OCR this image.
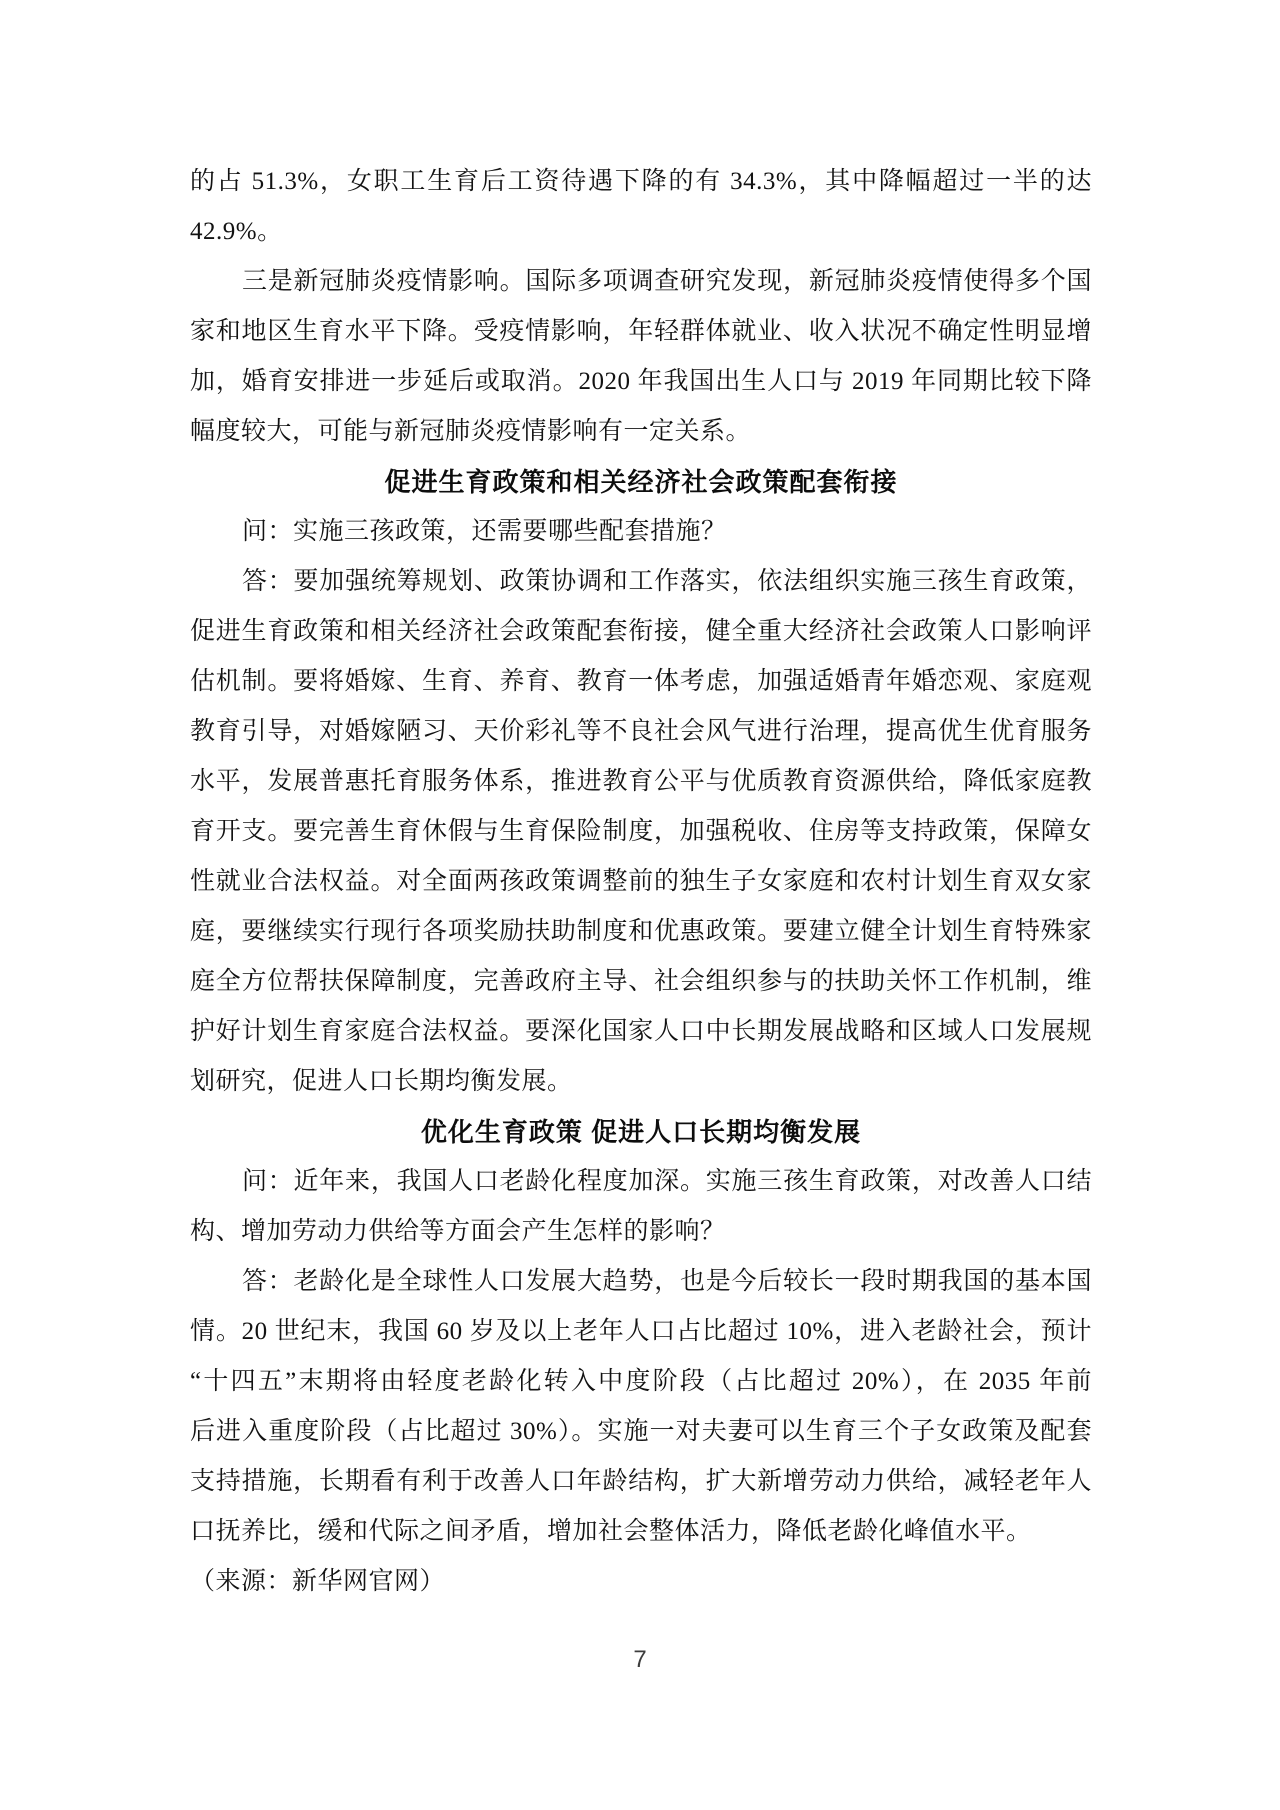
的占 51.3%，女职工生育后工资待遇下降的有 34.3%，其中降幅超过一半的达
42.9%。
三是新冠肺炎疫情影响。国际多项调查研究发现，新冠肺炎疫情使得多个国
家和地区生育水平下降。受疫情影响，年轻群体就业、收入状况不确定性明显增
加，婚育安排进一步延后或取消。2020 年我国出生人口与 2019 年同期比较下降
幅度较大，可能与新冠肺炎疫情影响有一定关系。
促进生育政策和相关经济社会政策配套衔接
问：实施三孩政策，还需要哪些配套措施？
答：要加强统筹规划、政策协调和工作落实，依法组织实施三孩生育政策，
促进生育政策和相关经济社会政策配套衔接，健全重大经济社会政策人口影响评
估机制。要将婚嫁、生育、养育、教育一体考虑，加强适婚青年婚恋观、家庭观
教育引导，对婚嫁陋习、天价彩礼等不良社会风气进行治理，提高优生优育服务
水平，发展普惠托育服务体系，推进教育公平与优质教育资源供给，降低家庭教
育开支。要完善生育休假与生育保险制度，加强税收、住房等支持政策，保障女
性就业合法权益。对全面两孩政策调整前的独生子女家庭和农村计划生育双女家
庭，要继续实行现行各项奖励扶助制度和优惠政策。要建立健全计划生育特殊家
庭全方位帮扶保障制度，完善政府主导、社会组织参与的扶助关怀工作机制，维
护好计划生育家庭合法权益。要深化国家人口中长期发展战略和区域人口发展规
划研究，促进人口长期均衡发展。
优化生育政策 促进人口长期均衡发展
问：近年来，我国人口老龄化程度加深。实施三孩生育政策，对改善人口结
构、增加劳动力供给等方面会产生怎样的影响？
答：老龄化是全球性人口发展大趋势，也是今后较长一段时期我国的基本国
情。20 世纪末，我国 60 岁及以上老年人口占比超过 10%，进入老龄社会，预计
“十四五”末期将由轻度老龄化转入中度阶段（占比超过 20%），在 2035 年前
后进入重度阶段（占比超过 30%）。实施一对夫妻可以生育三个子女政策及配套
支持措施，长期看有利于改善人口年龄结构，扩大新增劳动力供给，减轻老年人
口抚养比，缓和代际之间矛盾，增加社会整体活力，降低老龄化峰值水平。
（来源：新华网官网）
7
